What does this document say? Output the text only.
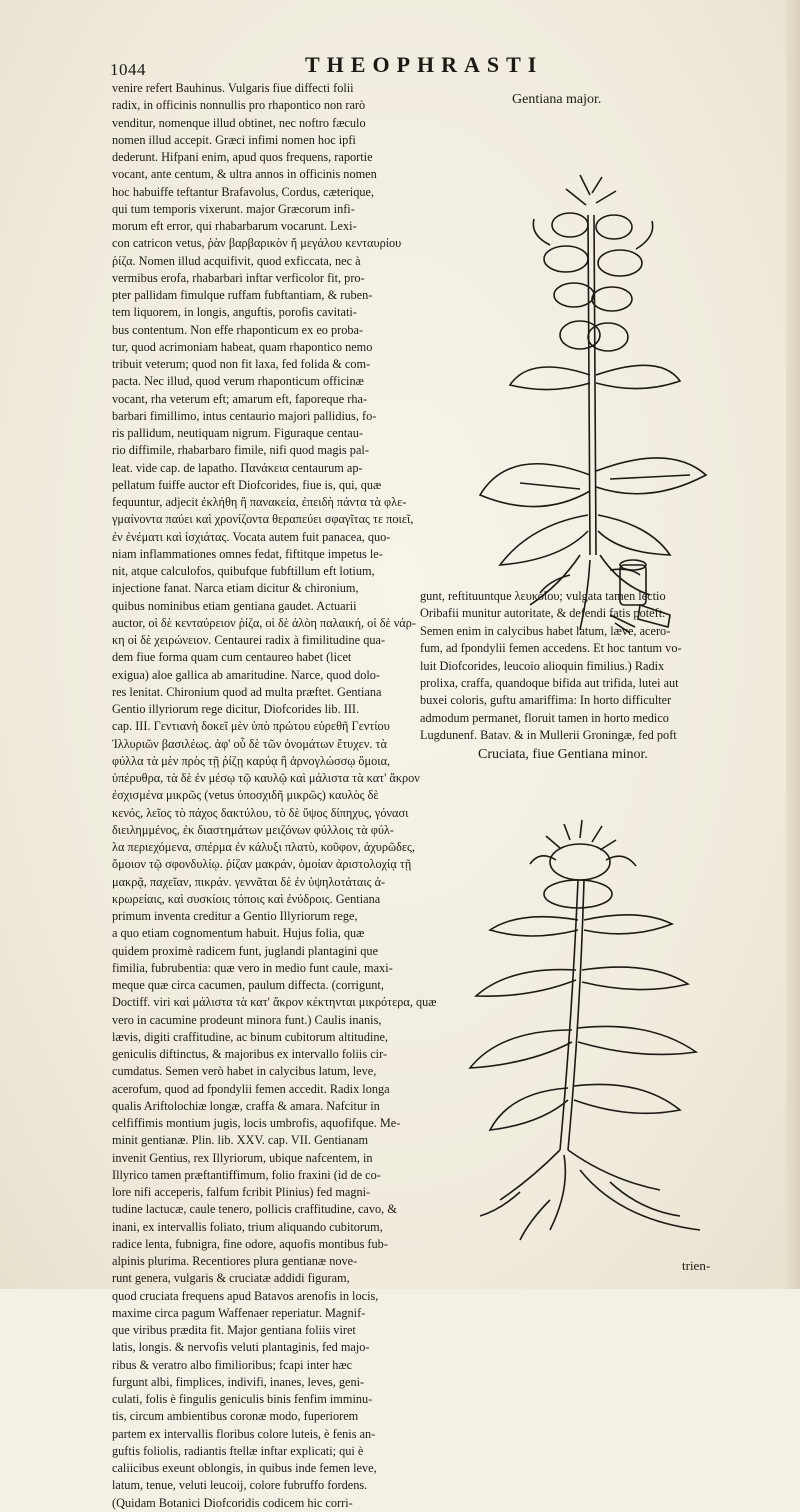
1044	THEOPHRASTI
venire refert Bauhinus. Vulgaris fiue diffecti folii
radix, in officinis nonnullis pro rhapontico non rarò
venditur, nomenque illud obtinet, nec noftro fæculo
nomen illud accepit. Græci infimi nomen hoc ipfi
dederunt. Hifpani enim, apud quos frequens, raportie
vocant, ante centum, & ultra annos in officinis nomen
hoc habuiffe teftantur Brafavolus, Cordus, cæterique,
qui tum temporis vixerunt. major Græcorum infi-
morum eft error, qui rhabarbarum vocarunt. Lexi-
con catricon vetus, ῥὰν βαρβαρικὸν ἤ μεγάλου κενταυρίου
ῥίζα. Nomen illud acquifivit, quod exficcata, nec à
vermibus erofa, rhabarbari inftar verficolor fit, pro-
pter pallidam fimulque ruffam fubftantiam, & ruben-
tem liquorem, in longis, anguftis, porofis cavitati-
bus contentum. Non effe rhaponticum ex eo proba-
tur, quod acrimoniam habeat, quam rhapontico nemo
tribuit veterum; quod non fit laxa, fed folida & com-
pacta. Nec illud, quod verum rhaponticum officinæ
vocant, rha veterum eft; amarum eft, faporeque rha-
barbari fimillimo, intus centaurio majori pallidius, fo-
ris pallidum, neutiquam nigrum. Figuraque centau-
rio diffimile, rhabarbaro fimile, nifi quod magis pal-
leat. vide cap. de lapatho. Πανάκεια centaurum ap-
pellatum fuiffe auctor eft Diofcorides, fiue is, qui, quæ
fequuntur, adjecit ἐκλήθη ἢ πανακεία, ἐπειδὴ πάντα τὰ φλε-
γμαίνοντα παύει καὶ χρονίζοντα θεραπεύει σφαγῖτας τε ποιεῖ,
ἐν ἐνέματι καὶ ἰσχιάτας. Vocata autem fuit panacea, quo-
niam inflammationes omnes fedat, fiftitque impetus le-
nit, atque calculofos, quibufque fubftillum eft lotium,
injectione fanat. Narca etiam dicitur & chironium,
quibus nominibus etiam gentiana gaudet. Actuarii
auctor, οἱ δὲ κενταύρειον ῥίζα, οἱ δὲ ἀλὸη παλαική, οἱ δὲ νάρ-
κη οἱ δὲ χειρώνειον. Centaurei radix à fimilitudine qua-
dem fiue forma quam cum centaureo habet (licet
exigua) aloe gallica ab amaritudine. Narce, quod dolo-
res lenitat. Chironium quod ad multa præftet. Gentiana
Gentio illyriorum rege dicitur, Diofcorides lib. III.
cap. III. Γεντιανὴ δοκεῖ μὲν ὑπὸ πρώτου εὑρεθῆ Γεντίου
Ἰλλυριῶν βασιλέως. ἀφ' οὗ δὲ τῶν ὀνομάτων ἔτυχεν. τὰ
φύλλα τὰ μὲν πρὸς τῇ ῥίζῃ καρύᾳ ἢ ἀρνογλώσσῳ ὅμοια,
ὑπέρυθρα, τὰ δὲ ἐν μέσῳ τῷ καυλῷ καὶ μάλιστα τὰ κατ' ἄκρον
ἐσχισμένα μικρῶς (vetus ὑποσχιδῆ μικρῶς) καυλὸς δὲ
κενός, λεῖος τὸ πάχος δακτύλου, τὸ δὲ ὕψος δίπηχυς, γόνασι
διειλημμένος, ἐκ διαστημάτων μειζόνων φύλλοις τὰ φύλ-
λα περιεχόμενα, σπέρμα ἐν κάλυξι πλατὺ, κοῦφον, ἀχυρῶδες,
ὅμοιον τῷ σφονδυλίῳ. ῥίζαν μακράν, ὁμοίαν ἀριστολοχίᾳ τῇ
μακρᾷ, παχεῖαν, πικράν. γεννᾶται δὲ ἐν ὑψηλοτάταις ἀ-
κρωρείαις, καὶ συσκίοις τόποις καὶ ἐνύδροις. Gentiana
primum inventa creditur a Gentio Illyriorum rege,
a quo etiam cognomentum habuit. Hujus folia, quæ
quidem proximè radicem funt, juglandi plantagini que
fimilia, fubrubentia: quæ vero in medio funt caule, maxi-
meque quæ circa cacumen, paulum diffecta. (corrigunt,
Doctiff. viri καὶ μάλιστα τὰ κατ' ἄκρον κέκτηνται μικρότερα, quæ
vero in cacumine prodeunt minora funt.) Caulis inanis,
lævis, digiti craffitudine, ac binum cubitorum altitudine,
geniculis diftinctus, & majoribus ex intervallo foliis cir-
cumdatus. Semen verò habet in calycibus latum, leve,
acerofum, quod ad fpondylii femen accedit. Radix longa
qualis Ariftolochiæ longæ, craffa & amara. Nafcitur in
celfiffimis montium jugis, locis umbrofis, aquofifque. Me-
minit gentianæ. Plin. lib. XXV. cap. VII. Gentianam
invenit Gentius, rex Illyriorum, ubique nafcentem, in
Illyrico tamen præftantiffimum, folio fraxini (id de co-
lore nifi acceperis, falfum fcribit Plinius) fed magni-
tudine lactucæ, caule tenero, pollicis craffitudine, cavo, &
inani, ex intervallis foliato, trium aliquando cubitorum,
radice lenta, fubnigra, fine odore, aquofis montibus fub-
alpinis plurima. Recentiores plura gentianæ nove-
runt genera, vulgaris & cruciatæ addidi figuram,
quod cruciata frequens apud Batavos arenofis in locis,
maxime circa pagum Waffenaer reperiatur. Magnif-
que viribus prædita fit. Major gentiana foliis viret
latis, longis. & nervofis veluti plantaginis, fed majo-
ribus & veratro albo fimilioribus; fcapi inter hæc
furgunt albi, fimplices, indivifi, inanes, leves, geni-
culati, folis è fingulis geniculis binis fenfim imminu-
tis, circum ambientibus coronæ modo, fuperiorem
partem ex intervallis floribus colore luteis, è fenis an-
guftis foliolis, radiantis ftellæ inftar explicati; qui è
caliicibus exeunt oblongis, in quibus inde femen leve,
latum, tenue, veluti leucoij, colore fubruffo fordens.
(Quidam Botanici Diofcoridis codicem hic corri-
Gentiana major.
gunt, reftituuntque λευκοΐου; vulgata tamen lectio
Oribafii munitur autoritate, & defendi fatis poteft.
Semen enim in calycibus habet latum, læve, acero-
fum, ad fpondylii femen accedens. Et hoc tantum vo-
luit Diofcorides, leucoio alioquin fimilius.) Radix
prolixa, craffa, quandoque bifida aut trifida, lutei aut
buxei coloris, guftu amariffima: In horto difficulter
admodum permanet, floruit tamen in horto medico
Lugdunenf. Batav. & in Mullerii Groningæ, fed poft
Cruciata, fiue Gentiana minor.
trien-
